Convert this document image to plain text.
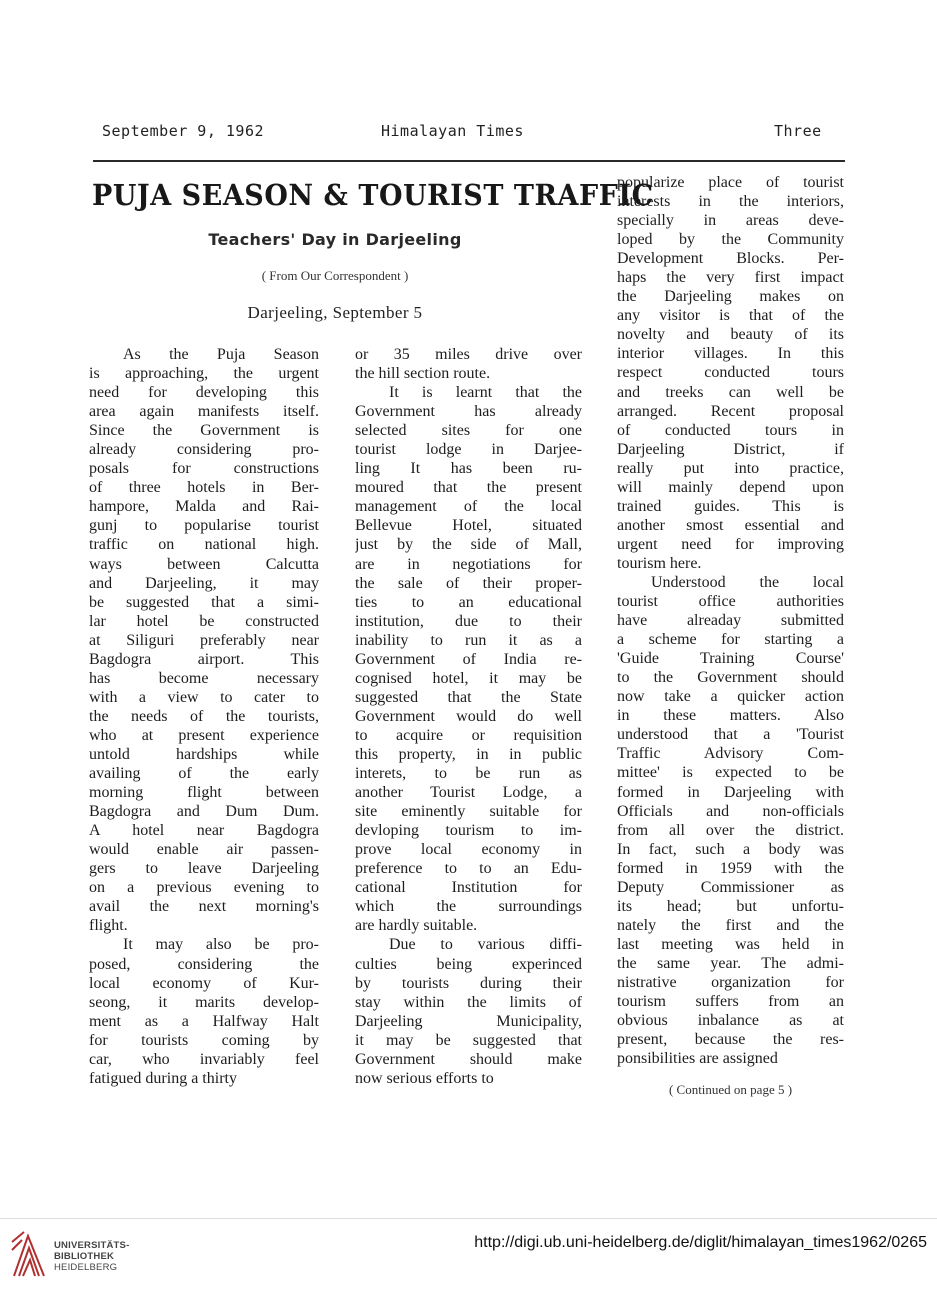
September 9, 1962	Himalayan Times	Three
PUJA SEASON & TOURIST TRAFFIC
Teachers' Day in Darjeeling
( From Our Correspondent )
Darjeeling, September 5

As the Puja Season
is approaching, the urgent
need for developing this
area again manifests itself.
Since the Government is
already considering pro-
posals for constructions
of three hotels in Ber-
hampore, Malda and Rai-
gunj to popularise tourist
traffic on national high.
ways between Calcutta
and Darjeeling, it may
be suggested that a simi-
lar hotel be constructed
at Siliguri preferably near
Bagdogra airport. This
has become necessary
with a view to cater to
the needs of the tourists,
who at present experience
untold hardships while
availing of the early
morning flight between
Bagdogra and Dum Dum.
A hotel near Bagdogra
would enable air passen-
gers to leave Darjeeling
on a previous evening to
avail the next morning's
flight.

It may also be pro-
posed, considering the
local economy of Kur-
seong, it marits develop-
ment as a Halfway Halt
for tourists coming by
car, who invariably feel
fatigued during a thirty

or 35 miles drive over
the hill section route.

It is learnt that the
Government has already
selected sites for one
tourist lodge in Darjee-
ling It has been ru-
moured that the present
management of the local
Bellevue Hotel, situated
just by the side of Mall,
are in negotiations for
the sale of their proper-
ties to an educational
institution, due to their
inability to run it as a
Government of India re-
cognised hotel, it may be
suggested that the State
Government would do well
to acquire or requisition
this property, in in public
interets, to be run as
another Tourist Lodge, a
site eminently suitable for
devloping tourism to im-
prove local economy in
preference to to an Edu-
cational Institution for
which the surroundings
are hardly suitable.

Due to various diffi-
culties being experinced
by tourists during their
stay within the limits of
Darjeeling Municipality,
it may be suggested that
Government should make
now serious efforts to

popularize place of tourist
interests in the interiors,
specially in areas deve-
loped by the Community
Development Blocks. Per-
haps the very first impact
the Darjeeling makes on
any visitor is that of the
novelty and beauty of its
interior villages. In this
respect conducted tours
and treeks can well be
arranged. Recent proposal
of conducted tours in
Darjeeling District, if
really put into practice,
will mainly depend upon
trained guides. This is
another smost essential and
urgent need for improving
tourism here.

Understood the local
tourist office authorities
have alreaday submitted
a scheme for starting a
'Guide Training Course'
to the Government should
now take a quicker action
in these matters. Also
understood that a 'Tourist
Traffic Advisory Com-
mittee' is expected to be
formed in Darjeeling with
Officials and non-officials
from all over the district.
In fact, such a body was
formed in 1959 with the
Deputy Commissioner as
its head; but unfortu-
nately the first and the
last meeting was held in
the same year. The admi-
nistrative organization for
tourism suffers from an
obvious inbalance as at
present, because the res-
ponsibilities are assigned

( Continued on page 5 )
UNIVERSITÄTS-
BIBLIOTHEK
HEIDELBERG
http://digi.ub.uni-heidelberg.de/diglit/himalayan_times1962/0265
